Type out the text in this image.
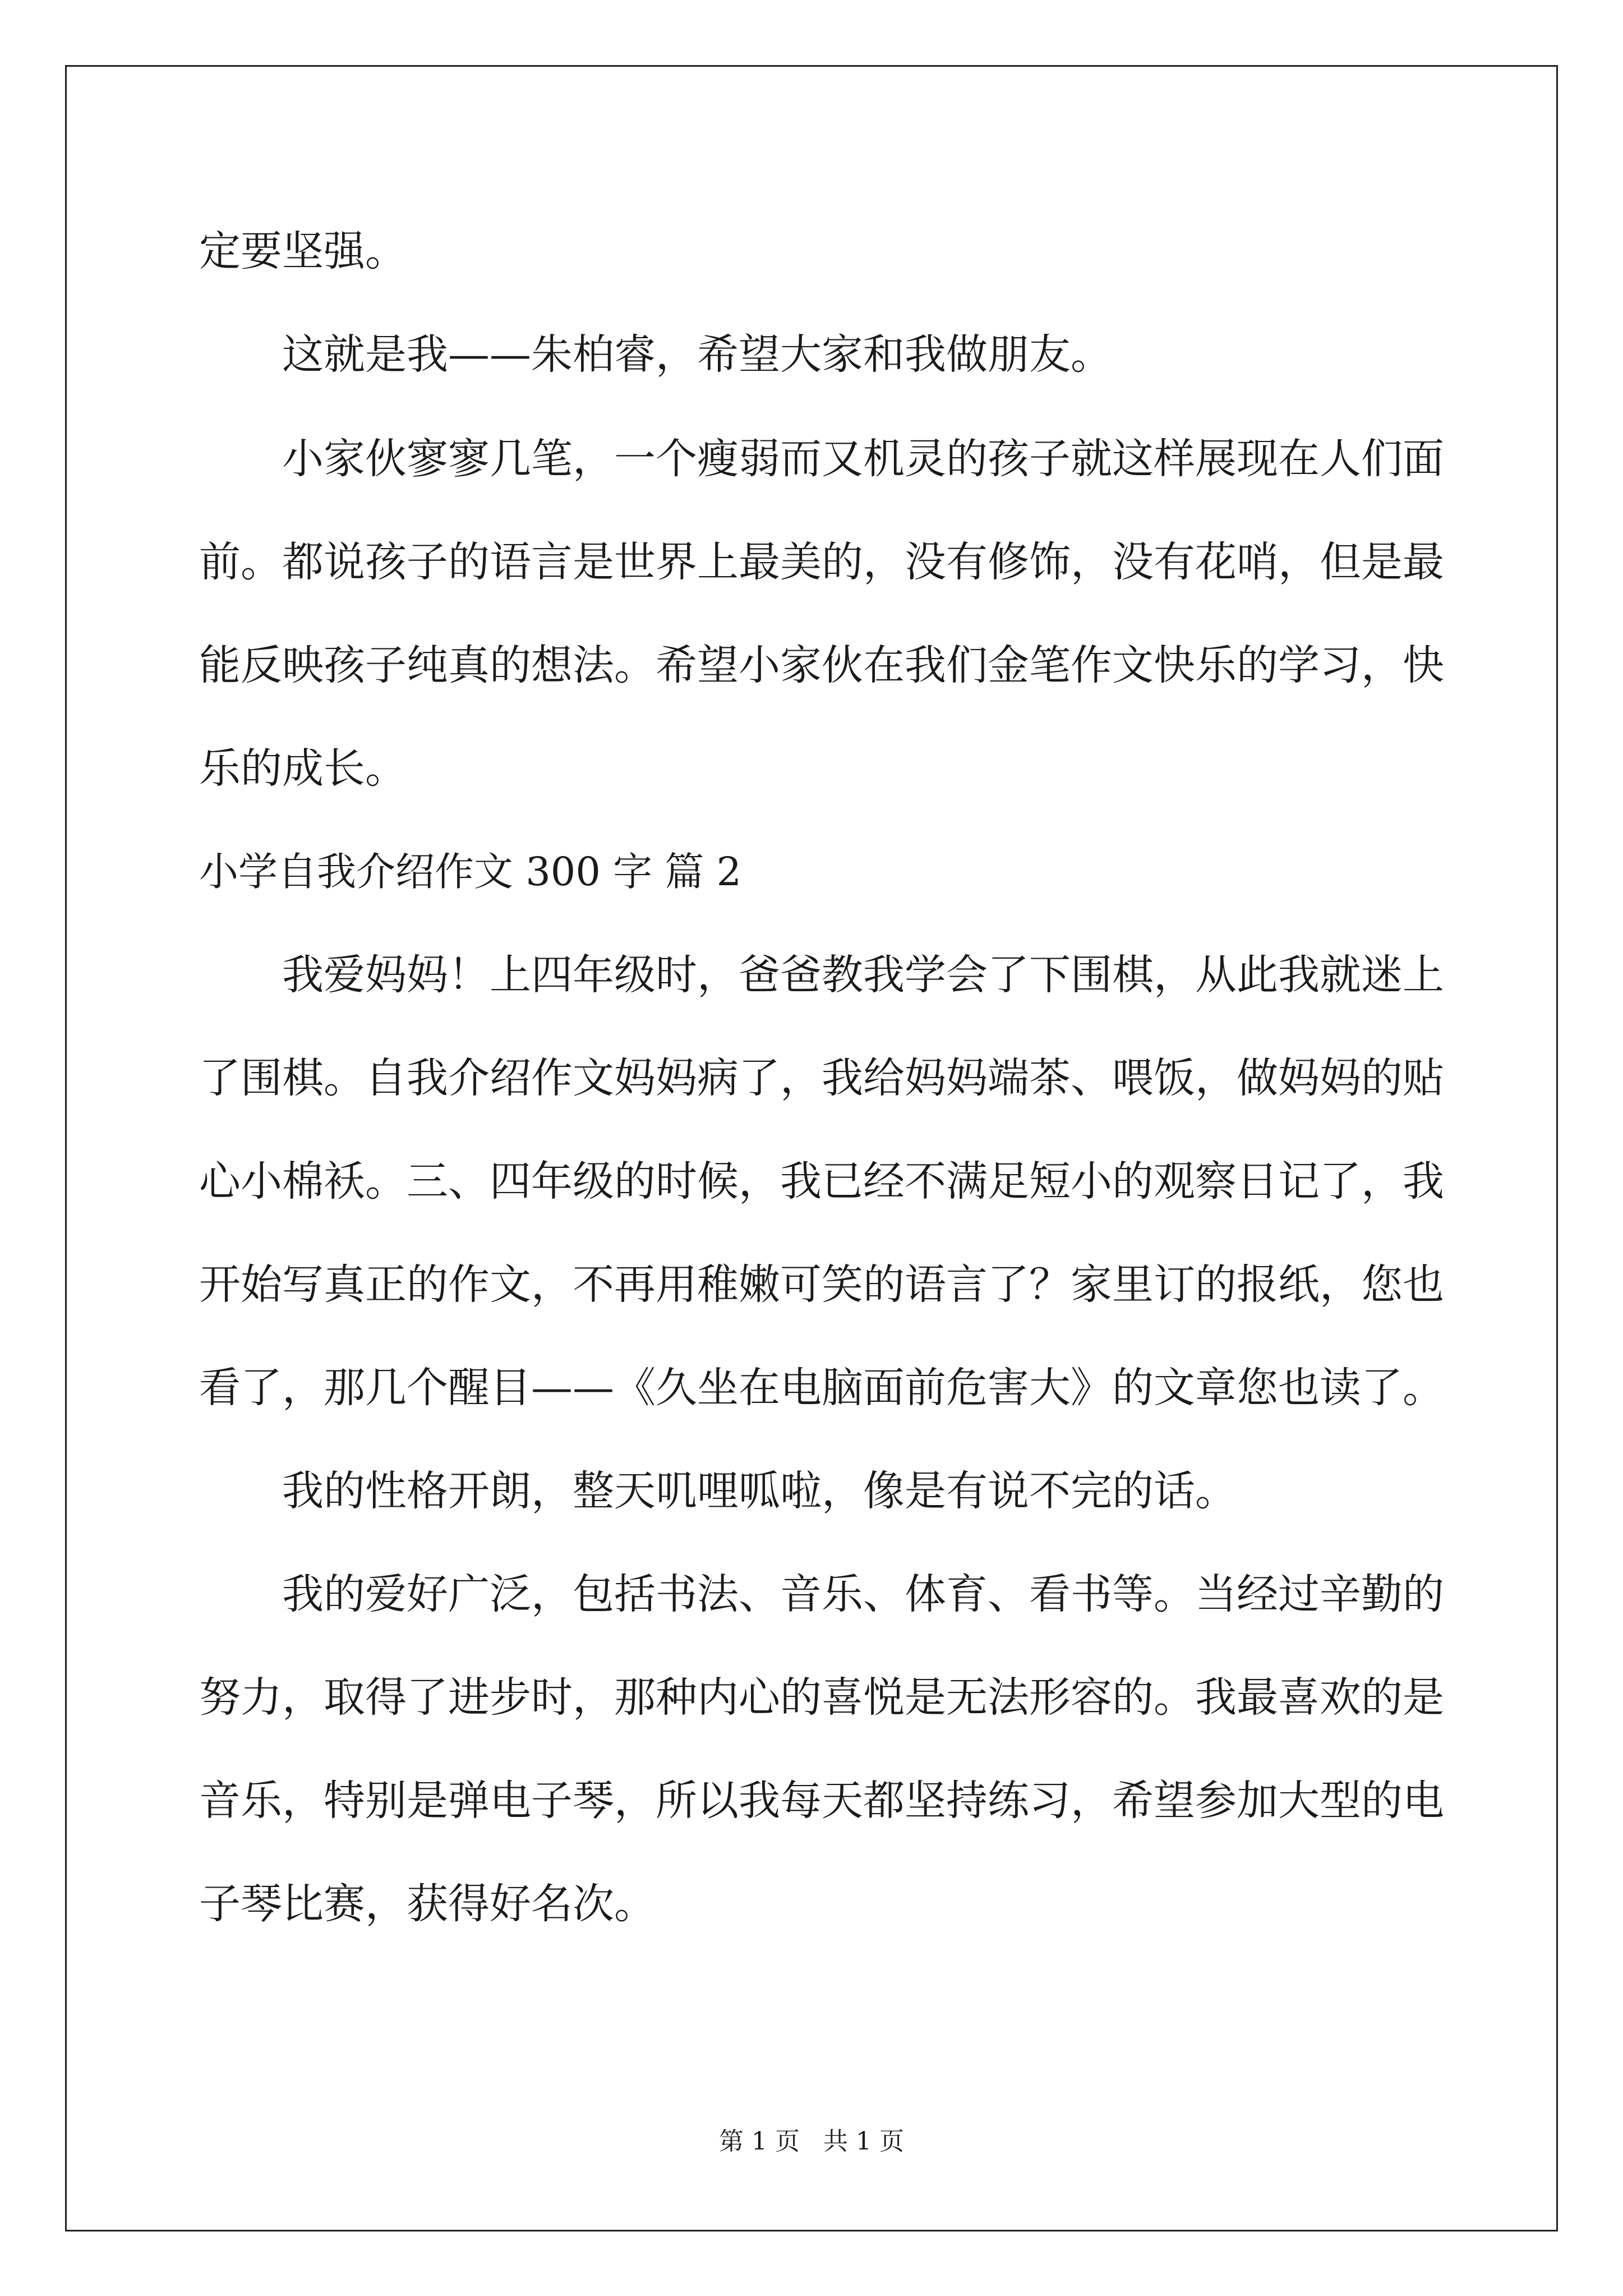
定要坚强。
这就是我——朱柏睿，希望大家和我做朋友。
小家伙寥寥几笔，一个瘦弱而又机灵的孩子就这样展现在人们面
前。都说孩子的语言是世界上最美的，没有修饰，没有花哨，但是最
能反映孩子纯真的想法。希望小家伙在我们金笔作文快乐的学习，快
乐的成长。
小学自我介绍作文 300 字 篇 2
我爱妈妈！上四年级时，爸爸教我学会了下围棋，从此我就迷上
了围棋。自我介绍作文妈妈病了，我给妈妈端茶、喂饭，做妈妈的贴
心小棉袄。三、四年级的时候，我已经不满足短小的观察日记了，我
开始写真正的作文，不再用稚嫩可笑的语言了？家里订的报纸，您也
看了，那几个醒目——《久坐在电脑面前危害大》的文章您也读了。
我的性格开朗，整天叽哩呱啦，像是有说不完的话。
我的爱好广泛，包括书法、音乐、体育、看书等。当经过辛勤的
努力，取得了进步时，那种内心的喜悦是无法形容的。我最喜欢的是
音乐，特别是弹电子琴，所以我每天都坚持练习，希望参加大型的电
子琴比赛，获得好名次。
第 1 页   共 1 页
